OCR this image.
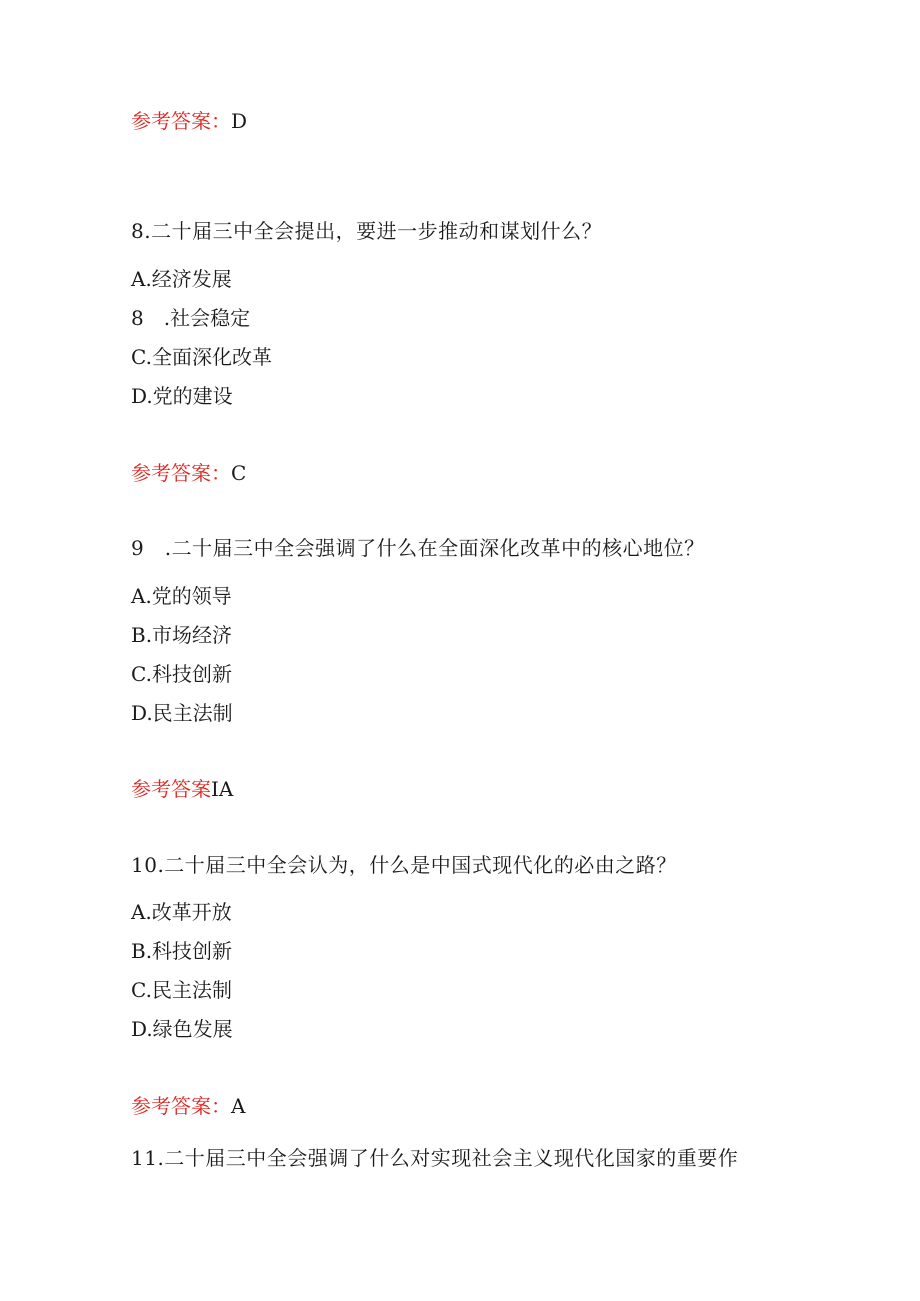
参考答案：D
8.二十届三中全会提出，要进一步推动和谋划什么？
A.经济发展
8　.社会稳定
C.全面深化改革
D.党的建设
参考答案：C
9　.二十届三中全会强调了什么在全面深化改革中的核心地位？
A.党的领导
B.市场经济
C.科技创新
D.民主法制
参考答案IA
10.二十届三中全会认为，什么是中国式现代化的必由之路？
A.改革开放
B.科技创新
C.民主法制
D.绿色发展
参考答案：A
11.二十届三中全会强调了什么对实现社会主义现代化国家的重要作
